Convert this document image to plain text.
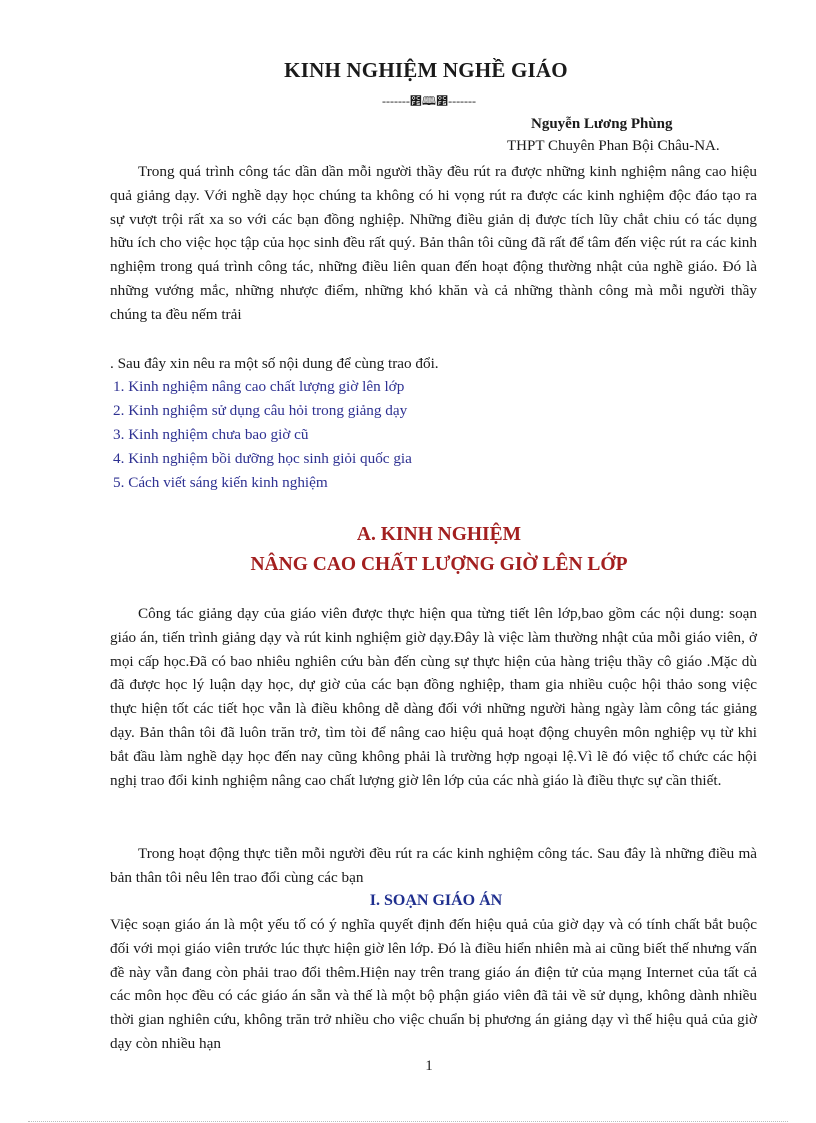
KINH NGHIỆM NGHỀ GIÁO
-------೵🕮೵-------
Nguyễn Lương Phùng
THPT Chuyên Phan Bội Châu-NA.

Trong quá trình công tác dần dần mỗi người thầy đều rút ra được những kinh nghiệm nâng cao hiệu quả giảng dạy. Với nghề dạy học chúng ta không có hi vọng rút ra được các kinh nghiệm độc đáo tạo ra sự vượt trội rất xa so với các bạn đồng nghiệp. Những điều giản dị được tích lũy chắt chiu có tác dụng hữu ích cho việc học tập của học sinh đều rất quý. Bản thân tôi cũng đã rất để tâm đến việc rút ra các kinh nghiệm trong quá trình công tác, những điều liên quan đến hoạt động thường nhật của nghề giáo. Đó là những vướng mắc, những nhược điểm, những khó khăn và cả những thành công mà mỗi người thầy chúng ta đều nếm trải

. Sau đây xin nêu ra một số nội dung để cùng trao đổi.

1. Kinh nghiệm nâng cao chất lượng giờ lên lớp
2. Kinh nghiệm sử dụng câu hỏi trong giảng dạy
3. Kinh nghiệm chưa bao giờ cũ
4. Kinh nghiệm bồi dưỡng học sinh giỏi quốc gia
5. Cách viết sáng kiến kinh nghiệm
A. KINH NGHIỆM
NÂNG CAO CHẤT LƯỢNG GIỜ LÊN LỚP

Công tác giảng dạy của giáo viên được thực hiện qua từng tiết lên lớp,bao gồm các nội dung: soạn giáo án, tiến trình giảng dạy và rút kinh nghiệm giờ dạy.Đây là việc làm thường nhật của mỗi giáo viên, ở mọi cấp học.Đã có bao nhiêu nghiên cứu bàn đến cùng sự thực hiện của hàng triệu thầy cô giáo .Mặc dù đã được học lý luận dạy học, dự giờ của các bạn đồng nghiệp, tham gia nhiều cuộc hội thảo song việc thực hiện tốt các tiết học vẫn là điều không dễ dàng đối với những người hàng ngày làm công tác giảng dạy. Bản thân tôi đã luôn trăn trở, tìm tòi để nâng cao hiệu quả hoạt động chuyên môn nghiệp vụ từ khi bắt đầu làm nghề dạy học đến nay cũng không phải là trường hợp ngoại lệ.Vì lẽ đó việc tổ chức các hội nghị trao đổi kinh nghiệm nâng cao chất lượng giờ lên lớp của các nhà giáo là điều thực sự cần thiết.

Trong hoạt động thực tiễn mỗi người đều rút ra các kinh nghiệm công tác. Sau đây là những điều mà bản thân tôi nêu lên trao đổi cùng các bạn

I. SOẠN GIÁO ÁN

Việc soạn giáo án là một yếu tố có ý nghĩa quyết định đến hiệu quả của giờ dạy và có tính chất bắt buộc đối với mọi giáo viên trước lúc thực hiện giờ lên lớp. Đó là điều hiển nhiên mà ai cũng biết thế nhưng vấn đề này vẫn đang còn phải trao đổi thêm.Hiện nay trên trang giáo án điện tử của mạng Internet của tất cả các môn học đều có các giáo án sẵn và thế là một bộ phận giáo viên đã tải về sử dụng, không dành nhiều thời gian nghiên cứu, không trăn trở nhiều cho việc chuẩn bị phương án giảng dạy vì thế hiệu quả của giờ dạy còn nhiều hạn

1
